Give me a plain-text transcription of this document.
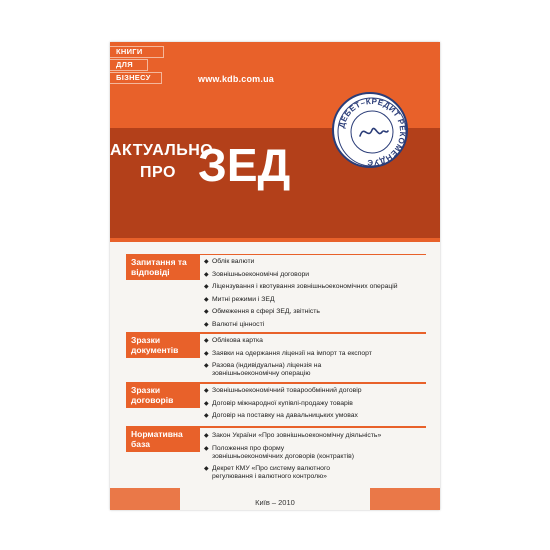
КНИГИ
ДЛЯ
БІЗНЕСУ	www.kdb.com.ua
АКТУАЛЬНО
ПРО ЗЕД
ДЕБЕТ–КРЕДИТ РЕКОМЕНДУЄ
Запитання та відповіді
◆ Облік валюти
◆ Зовнішньоекономічні договори
◆ Ліцензування і квотування зовнішньоекономічних операцій
◆ Митні режими і ЗЕД
◆ Обмеження в сфері ЗЕД, звітність
◆ Валютні цінності
Зразки документів
◆ Облікова картка
◆ Заявки на одержання ліцензії на імпорт та експорт
◆ Разова (індивідуальна) ліцензія на зовнішньоекономічну операцію
Зразки договорів
◆ Зовнішньоекономічний товарообмінний договір
◆ Договір міжнародної купівлі-продажу товарів
◆ Договір на поставку на давальницьких умовах
Нормативна база
◆ Закон України «Про зовнішньоекономічну діяльність»
◆ Положення про форму зовнішньоекономічних договорів (контрактів)
◆ Декрет КМУ «Про систему валютного регулювання і валютного контролю»
Київ – 2010
